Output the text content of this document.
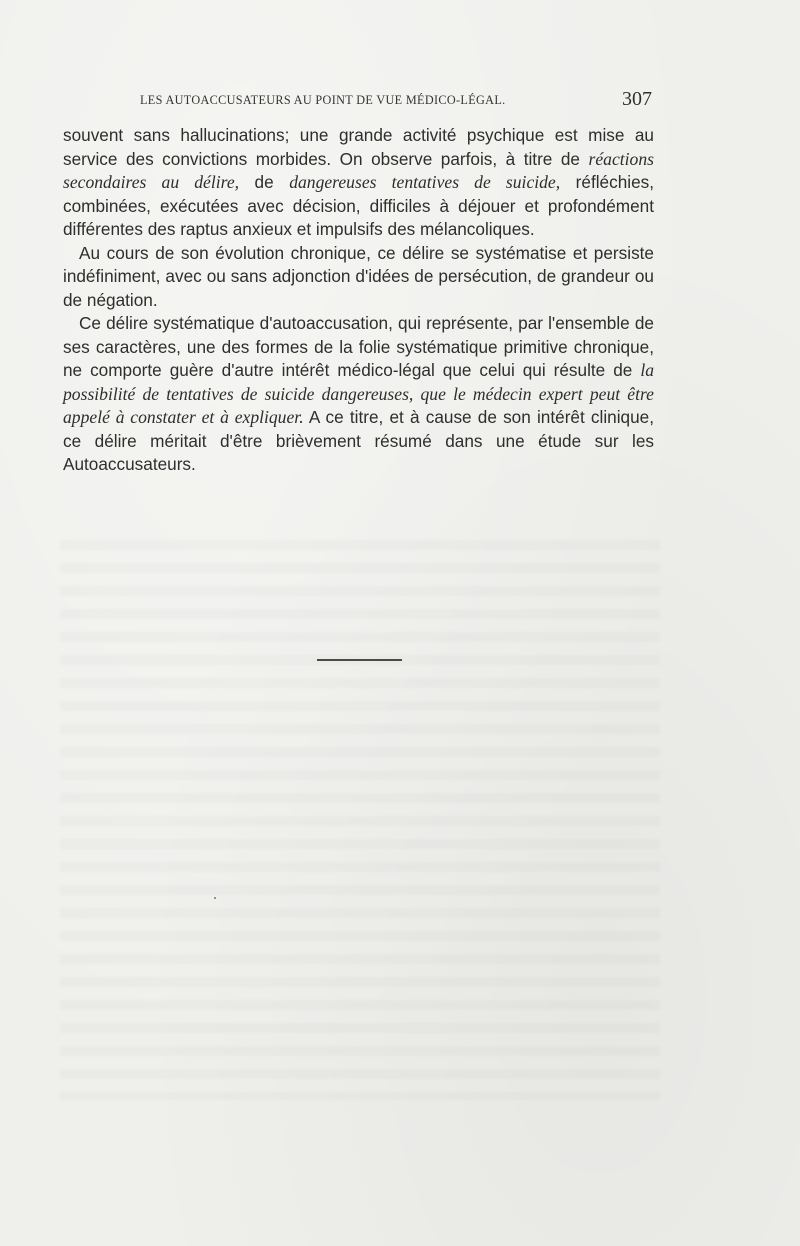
LES AUTOACCUSATEURS AU POINT DE VUE MÉDICO-LÉGAL.	307

souvent sans hallucinations; une grande activité psychique est mise au service des convictions morbides. On observe parfois, à titre de réactions secondaires au délire, de dangereuses tentatives de suicide, réfléchies, combinées, exécutées avec décision, difficiles à déjouer et profondément différentes des raptus anxieux et impulsifs des mélancoliques.

Au cours de son évolution chronique, ce délire se systématise et persiste indéfiniment, avec ou sans adjonction d'idées de persécution, de grandeur ou de négation.

Ce délire systématique d'autoaccusation, qui représente, par l'ensemble de ses caractères, une des formes de la folie systématique primitive chronique, ne comporte guère d'autre intérêt médico-légal que celui qui résulte de la possibilité de tentatives de suicide dangereuses, que le médecin expert peut être appelé à constater et à expliquer. A ce titre, et à cause de son intérêt clinique, ce délire méritait d'être brièvement résumé dans une étude sur les Autoaccusateurs.
